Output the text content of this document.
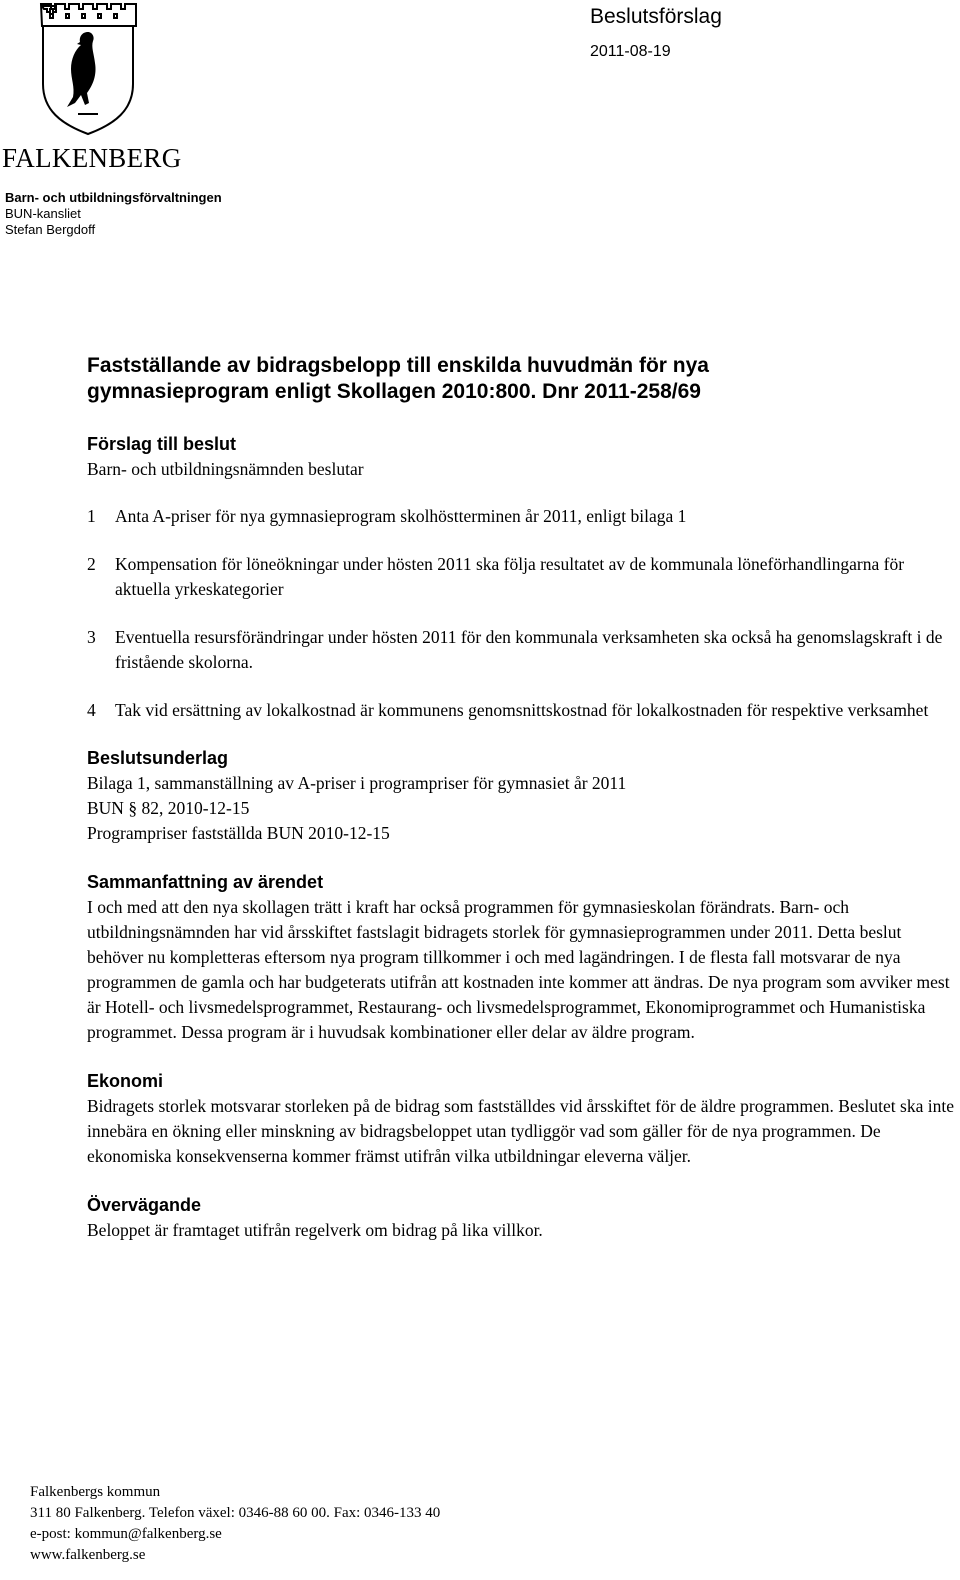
FALKENBERG
Barn- och utbildningsförvaltningen
BUN-kansliet
Stefan Bergdoff
Beslutsförslag
2011-08-19
Fastställande av bidragsbelopp till enskilda huvudmän för nya
gymnasieprogram enligt Skollagen 2010:800. Dnr 2011-258/69
Förslag till beslut

Barn- och utbildningsnämnden beslutar

1	Anta A-priser för nya gymnasieprogram skolhöstterminen år 2011, enligt bilaga 1
2	Kompensation för löneökningar under hösten 2011 ska följa resultatet av de kommunala löneförhandlingarna för aktuella yrkeskategorier
3	Eventuella resursförändringar under hösten 2011 för den kommunala verksamheten ska också ha genomslagskraft i de fristående skolorna.
4	Tak vid ersättning av lokalkostnad är kommunens genomsnittskostnad för lokalkostnaden för respektive verksamhet
Beslutsunderlag

Bilaga 1, sammanställning av A-priser i programpriser för gymnasiet år 2011

BUN § 82, 2010-12-15

Programpriser fastställda BUN 2010-12-15

Sammanfattning av ärendet

I och med att den nya skollagen trätt i kraft har också programmen för gymnasieskolan förändrats. Barn- och utbildningsnämnden har vid årsskiftet fastslagit bidragets storlek för gymnasieprogrammen under 2011. Detta beslut behöver nu kompletteras eftersom nya program tillkommer i och med lagändringen. I de flesta fall motsvarar de nya programmen de gamla och har budgeterats utifrån att kostnaden inte kommer att ändras. De nya program som avviker mest är Hotell- och livsmedelsprogrammet, Restaurang- och livsmedelsprogrammet, Ekonomiprogrammet och Humanistiska programmet. Dessa program är i huvudsak kombinationer eller delar av äldre program.

Ekonomi

Bidragets storlek motsvarar storleken på de bidrag som fastställdes vid årsskiftet för de äldre programmen. Beslutet ska inte innebära en ökning eller minskning av bidragsbeloppet utan tydliggör vad som gäller för de nya programmen. De ekonomiska konsekvenserna kommer främst utifrån vilka utbildningar eleverna väljer.

Övervägande

Beloppet är framtaget utifrån regelverk om bidrag på lika villkor.

Falkenbergs kommun
311 80 Falkenberg. Telefon växel: 0346-88 60 00. Fax: 0346-133 40
e-post: kommun@falkenberg.se
www.falkenberg.se
